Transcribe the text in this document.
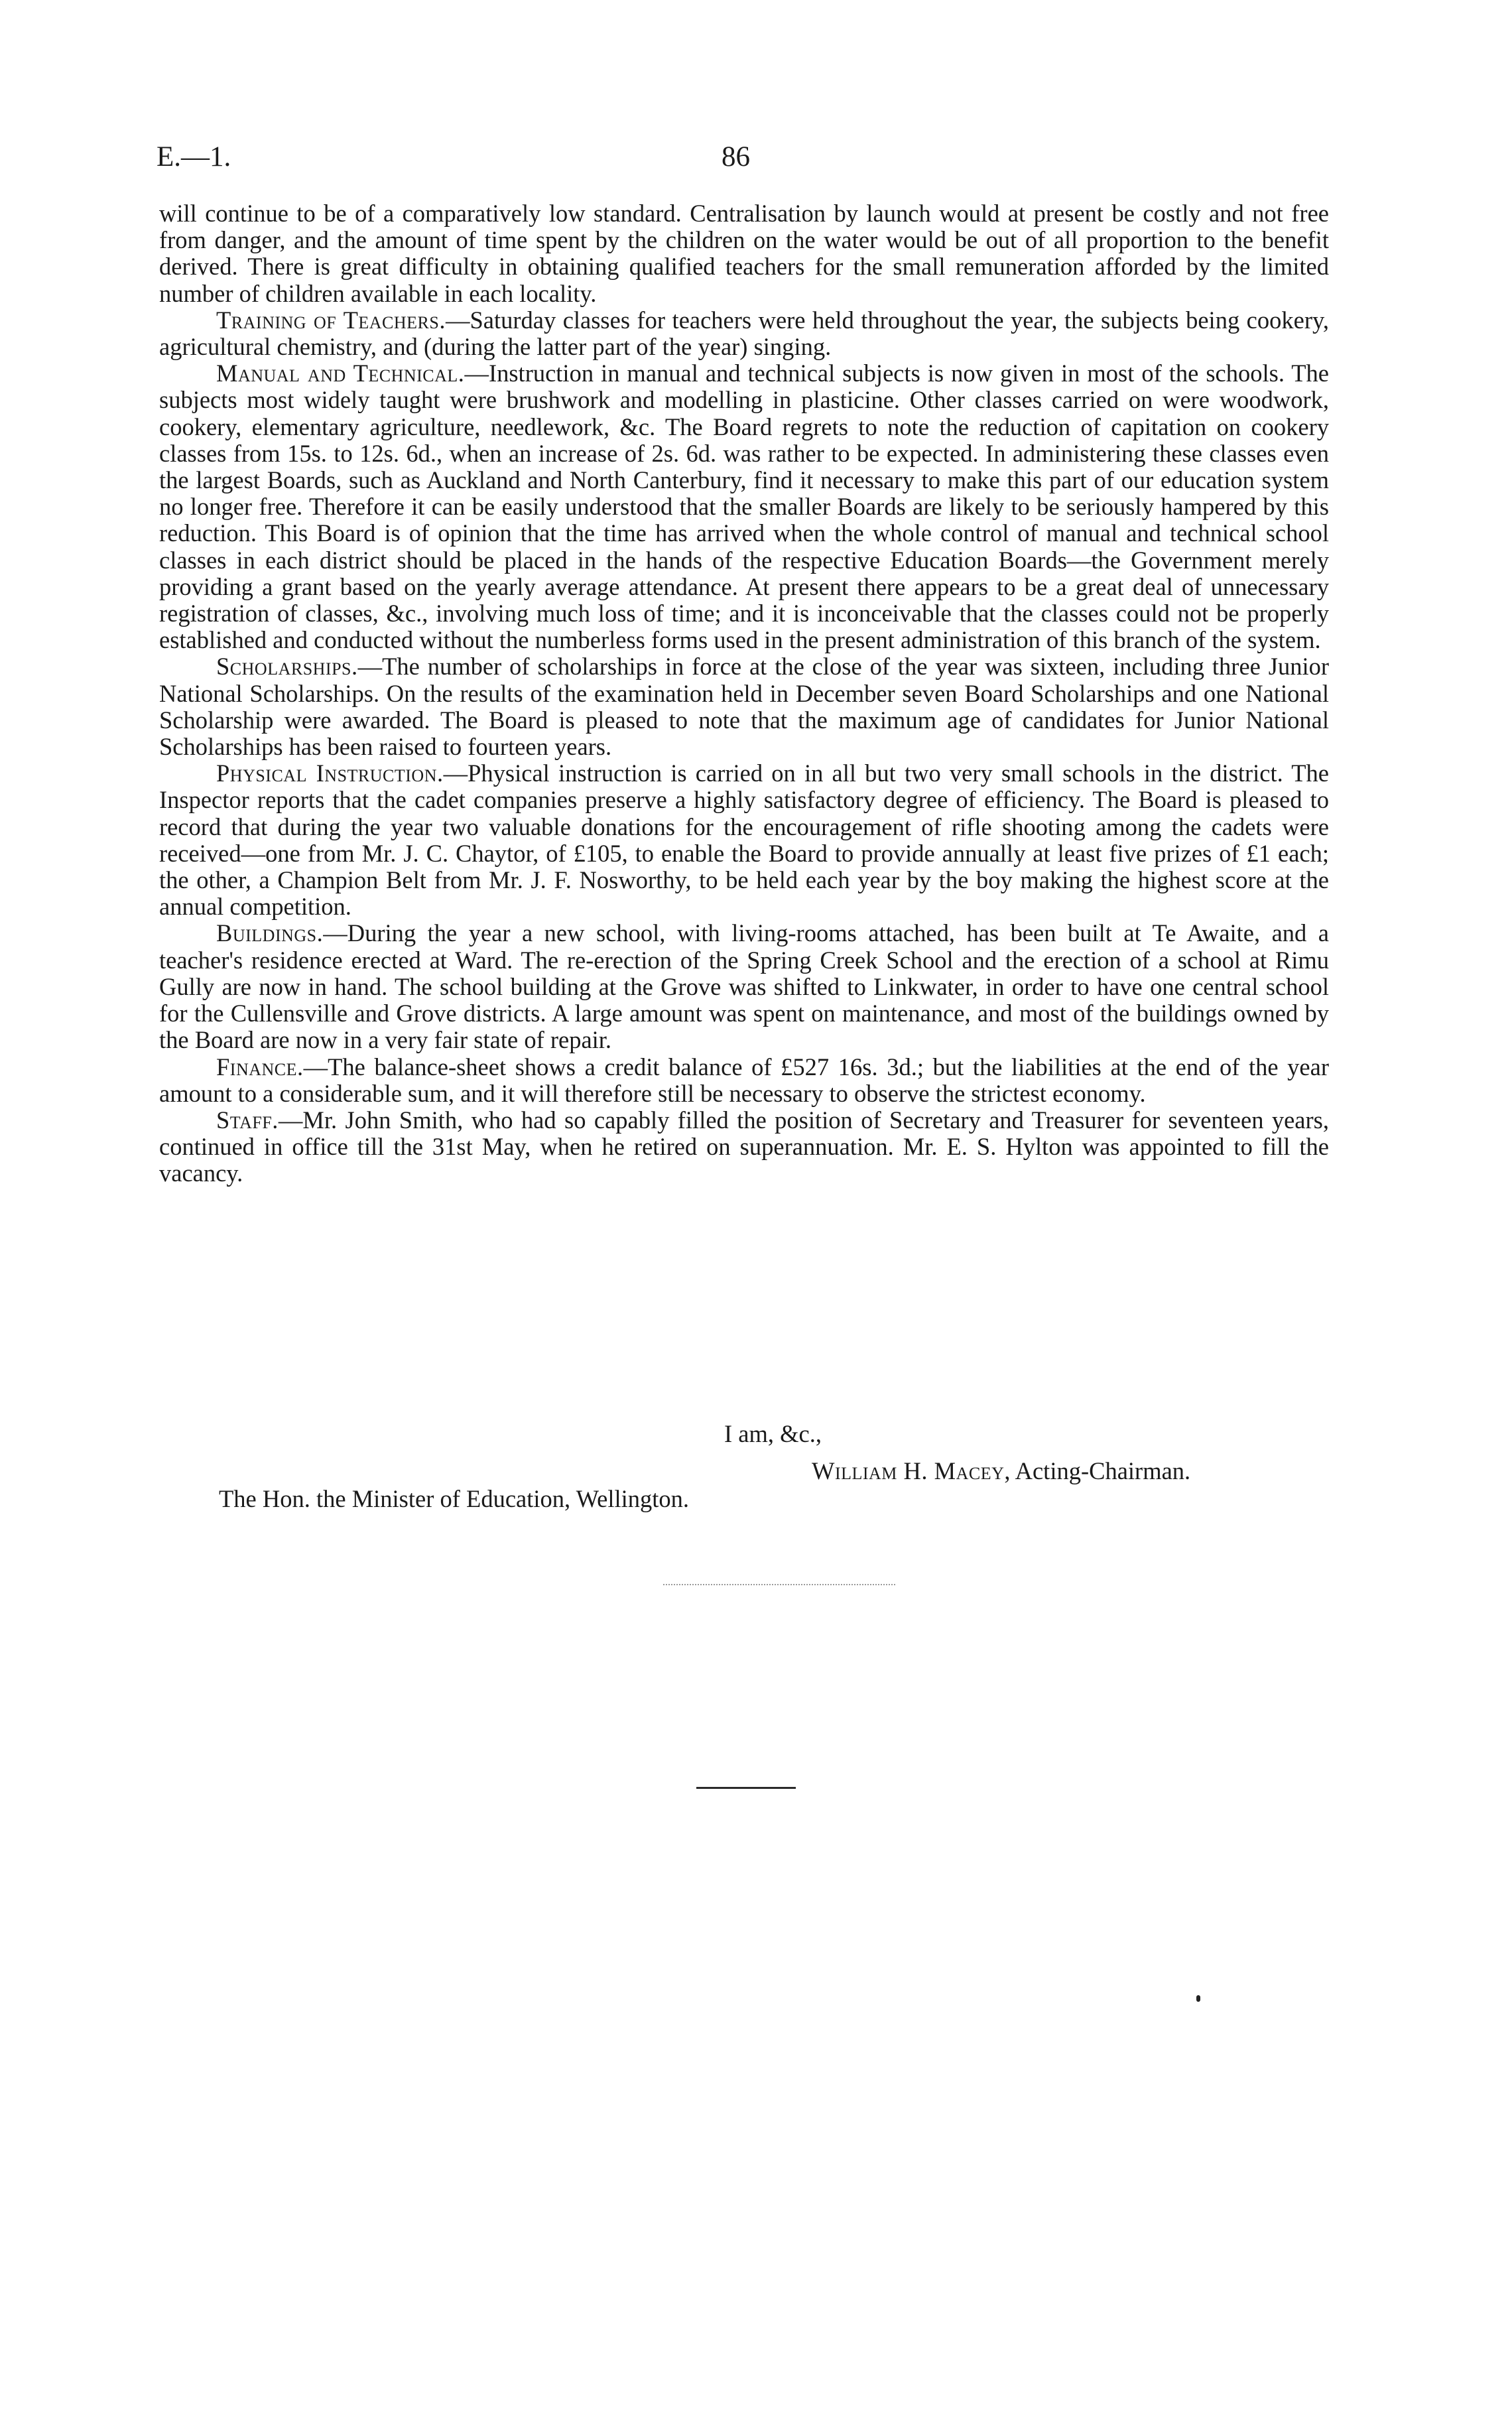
E.—1.	86

will continue to be of a comparatively low standard. Centralisation by launch would at present be costly and not free from danger, and the amount of time spent by the children on the water would be out of all proportion to the benefit derived. There is great difficulty in obtaining qualified teachers for the small remuneration afforded by the limited number of children available in each locality.

Training of Teachers.—Saturday classes for teachers were held throughout the year, the subjects being cookery, agricultural chemistry, and (during the latter part of the year) singing.

Manual and Technical.—Instruction in manual and technical subjects is now given in most of the schools. The subjects most widely taught were brushwork and modelling in plasticine. Other classes carried on were woodwork, cookery, elementary agriculture, needlework, &c. The Board regrets to note the reduction of capitation on cookery classes from 15s. to 12s. 6d., when an increase of 2s. 6d. was rather to be expected. In administering these classes even the largest Boards, such as Auckland and North Canterbury, find it necessary to make this part of our education system no longer free. Therefore it can be easily understood that the smaller Boards are likely to be seriously hampered by this reduction. This Board is of opinion that the time has arrived when the whole control of manual and technical school classes in each district should be placed in the hands of the respective Education Boards—the Government merely providing a grant based on the yearly average attendance. At present there appears to be a great deal of unnecessary registration of classes, &c., involving much loss of time; and it is inconceivable that the classes could not be properly established and conducted without the numberless forms used in the present administration of this branch of the system.

Scholarships.—The number of scholarships in force at the close of the year was sixteen, including three Junior National Scholarships. On the results of the examination held in December seven Board Scholarships and one National Scholarship were awarded. The Board is pleased to note that the maximum age of candidates for Junior National Scholarships has been raised to fourteen years.

Physical Instruction.—Physical instruction is carried on in all but two very small schools in the district. The Inspector reports that the cadet companies preserve a highly satisfactory degree of efficiency. The Board is pleased to record that during the year two valuable donations for the encouragement of rifle shooting among the cadets were received—one from Mr. J. C. Chaytor, of £105, to enable the Board to provide annually at least five prizes of £1 each; the other, a Champion Belt from Mr. J. F. Nosworthy, to be held each year by the boy making the highest score at the annual competition.

Buildings.—During the year a new school, with living-rooms attached, has been built at Te Awaite, and a teacher's residence erected at Ward. The re-erection of the Spring Creek School and the erection of a school at Rimu Gully are now in hand. The school building at the Grove was shifted to Linkwater, in order to have one central school for the Cullensville and Grove districts. A large amount was spent on maintenance, and most of the buildings owned by the Board are now in a very fair state of repair.

Finance.—The balance-sheet shows a credit balance of £527 16s. 3d.; but the liabilities at the end of the year amount to a considerable sum, and it will therefore still be necessary to observe the strictest economy.

Staff.—Mr. John Smith, who had so capably filled the position of Secretary and Treasurer for seventeen years, continued in office till the 31st May, when he retired on superannuation. Mr. E. S. Hylton was appointed to fill the vacancy.

I am, &c.,
William H. Macey, Acting-Chairman.
The Hon. the Minister of Education, Wellington.
